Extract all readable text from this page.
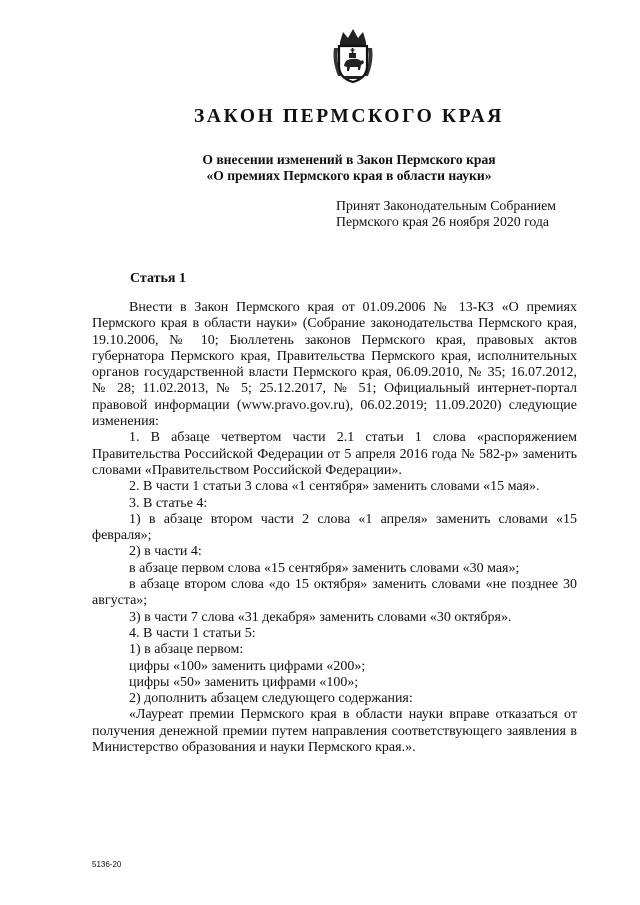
ЗАКОН ПЕРМСКОГО КРАЯ
О внесении изменений в Закон Пермского края
«О премиях Пермского края в области науки»
Принят Законодательным Собранием
Пермского края 26 ноября 2020 года
Статья 1

Внести в Закон Пермского края от 01.09.2006 № 13-КЗ «О премиях Пермского края в области науки» (Собрание законодательства Пермского края, 19.10.2006, № 10; Бюллетень законов Пермского края, правовых актов губернатора Пермского края, Правительства Пермского края, исполнительных органов государственной власти Пермского края, 06.09.2010, № 35; 16.07.2012, № 28; 11.02.2013, № 5; 25.12.2017, № 51; Официальный интернет-портал правовой информации (www.pravo.gov.ru), 06.02.2019; 11.09.2020) следующие изменения:

1. В абзаце четвертом части 2.1 статьи 1 слова «распоряжением Правительства Российской Федерации от 5 апреля 2016 года № 582-р» заменить словами «Правительством Российской Федерации».

2. В части 1 статьи 3 слова «1 сентября» заменить словами «15 мая».

3. В статье 4:

1) в абзаце втором части 2 слова «1 апреля» заменить словами «15 февраля»;

2) в части 4:

в абзаце первом слова «15 сентября» заменить словами «30 мая»;

в абзаце втором слова «до 15 октября» заменить словами «не позднее 30 августа»;

3) в части 7 слова «31 декабря» заменить словами «30 октября».

4. В части 1 статьи 5:

1) в абзаце первом:

цифры «100» заменить цифрами «200»;

цифры «50» заменить цифрами «100»;

2) дополнить абзацем следующего содержания:

«Лауреат премии Пермского края в области науки вправе отказаться от получения денежной премии путем направления соответствующего заявления в Министерство образования и науки Пермского края.».

5136-20
